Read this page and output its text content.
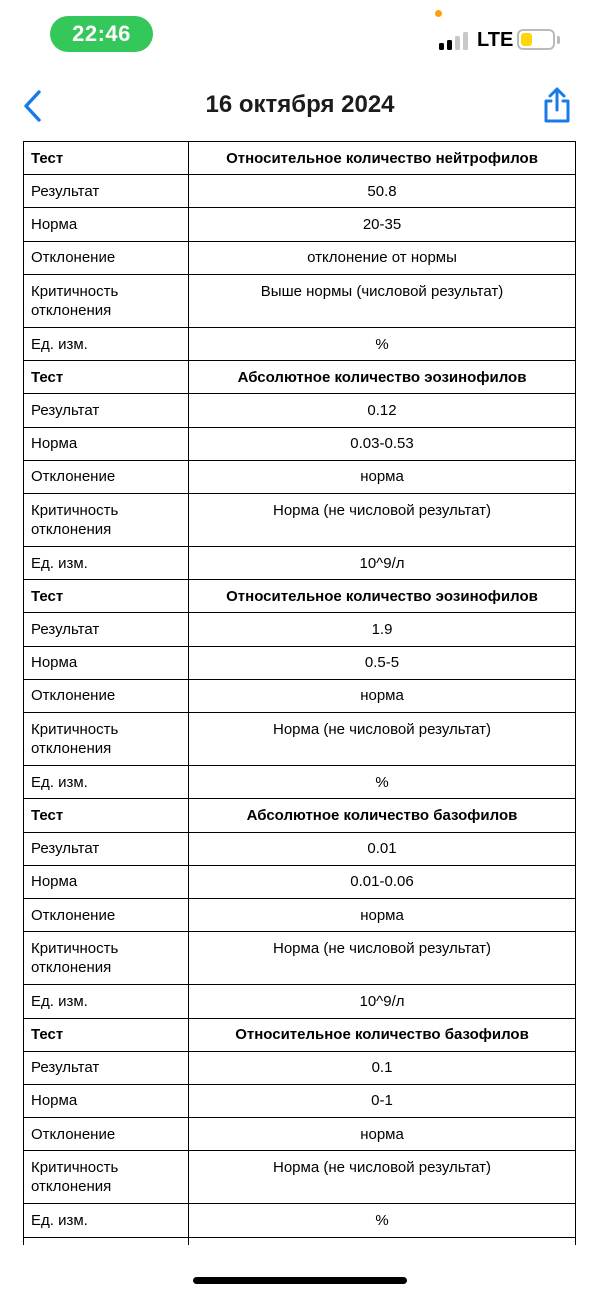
22:46	LTE
16 октября 2024
Тест	Относительное количество нейтрофилов
Результат	50.8
Норма	20-35
Отклонение	отклонение от нормы
Критичность отклонения	Выше нормы (числовой результат)
Ед. изм.	%
Тест	Абсолютное количество эозинофилов
Результат	0.12
Норма	0.03-0.53
Отклонение	норма
Критичность отклонения	Норма (не числовой результат)
Ед. изм.	10^9/л
Тест	Относительное количество эозинофилов
Результат	1.9
Норма	0.5-5
Отклонение	норма
Критичность отклонения	Норма (не числовой результат)
Ед. изм.	%
Тест	Абсолютное количество базофилов
Результат	0.01
Норма	0.01-0.06
Отклонение	норма
Критичность отклонения	Норма (не числовой результат)
Ед. изм.	10^9/л
Тест	Относительное количество базофилов
Результат	0.1
Норма	0-1
Отклонение	норма
Критичность отклонения	Норма (не числовой результат)
Ед. изм.	%
